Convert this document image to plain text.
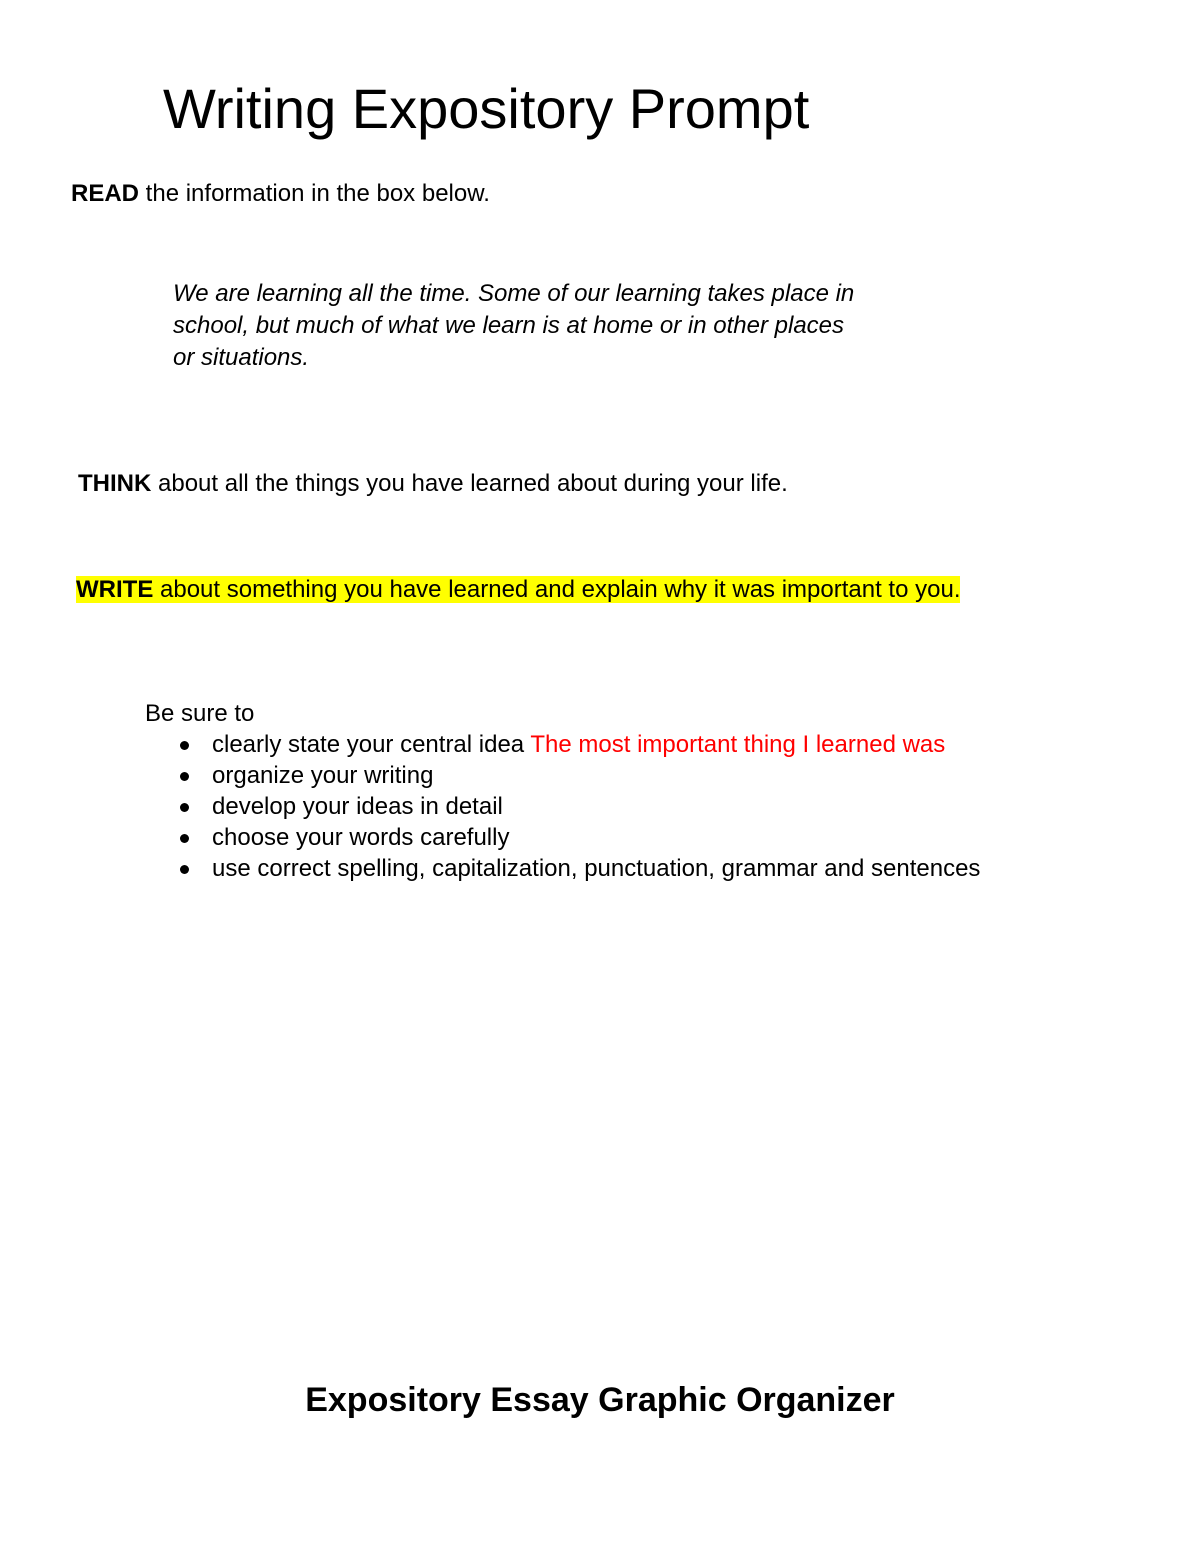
Writing Expository Prompt

READ the information in the box below.

We are learning all the time. Some of our learning takes place in
school, but much of what we learn is at home or in other places
or situations.

THINK about all the things you have learned about during your life.

WRITE about something you have learned and explain why it was important to you.

Be sure to

clearly state your central idea The most important thing I learned was
organize your writing
develop your ideas in detail
choose your words carefully
use correct spelling, capitalization, punctuation, grammar and sentences
Expository Essay Graphic Organizer
